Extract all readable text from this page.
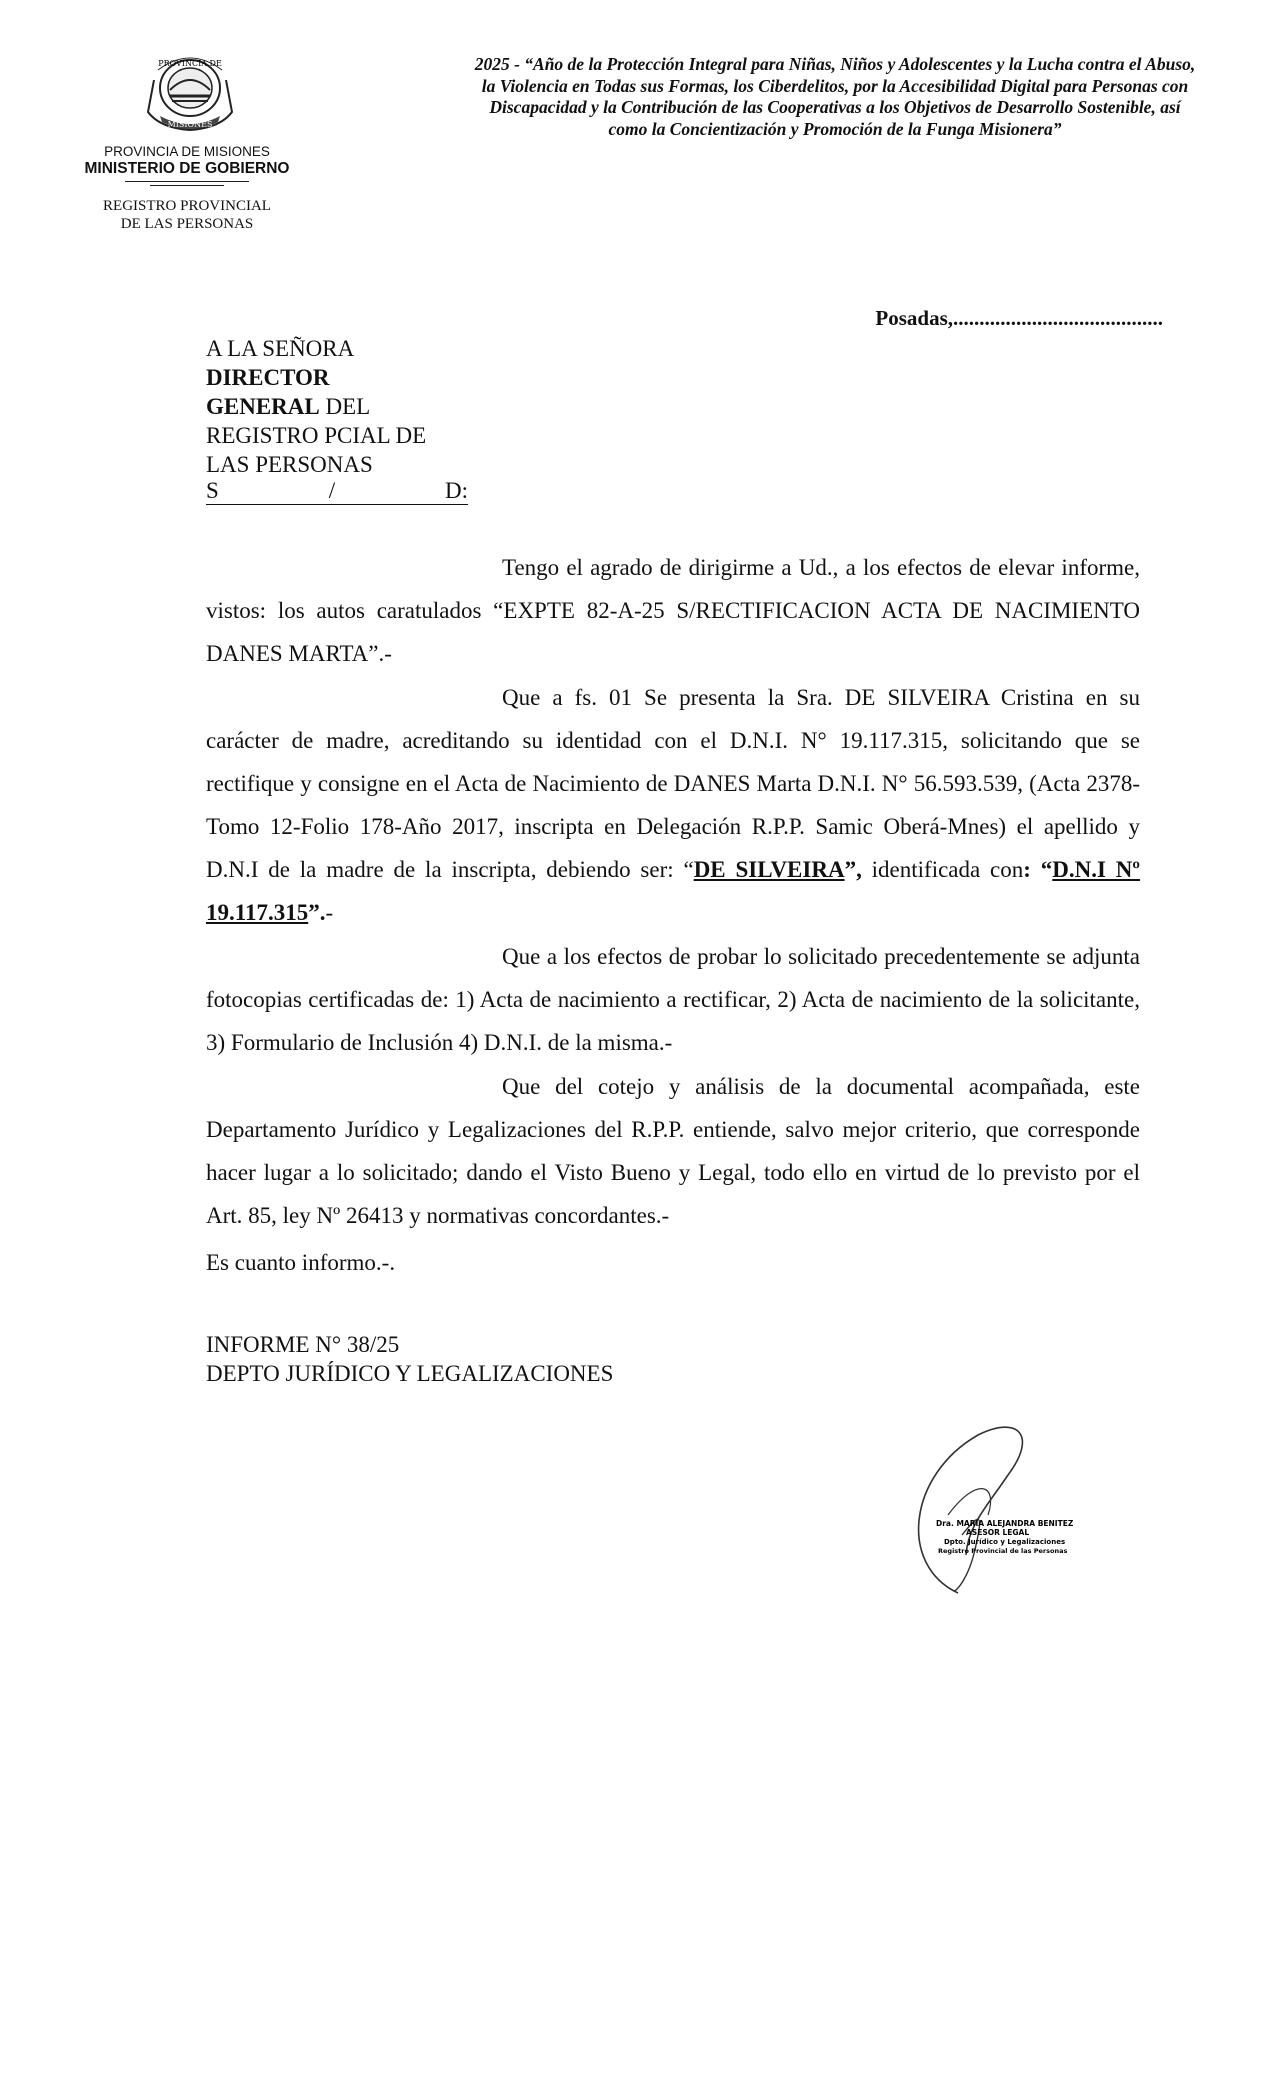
PROVINCIA DE
MISIONES
PROVINCIA DE MISIONES
MINISTERIO DE GOBIERNO
REGISTRO PROVINCIAL
DE LAS PERSONAS
2025 - “Año de la Protección Integral para Niñas, Niños y Adolescentes y la Lucha contra el Abuso, la Violencia en Todas sus Formas, los Ciberdelitos, por la Accesibilidad Digital para Personas con Discapacidad y la Contribución de las Cooperativas a los Objetivos de Desarrollo Sostenible, así como la Concientización y Promoción de la Funga Misionera”
Posadas,........................................
A LA SEÑORA
DIRECTOR
GENERAL DEL
REGISTRO PCIAL DE
LAS PERSONAS
S	/	D:
Tengo el agrado de dirigirme a Ud., a los efectos de elevar informe, vistos: los autos caratulados “EXPTE 82-A-25 S/RECTIFICACION ACTA DE NACIMIENTO DANES MARTA”.-
Que a fs. 01 Se presenta la Sra. DE SILVEIRA Cristina en su carácter de madre, acreditando su identidad con el D.N.I. N° 19.117.315, solicitando que se rectifique y consigne en el Acta de Nacimiento de DANES Marta D.N.I. N° 56.593.539, (Acta 2378-Tomo 12-Folio 178-Año 2017, inscripta en Delegación R.P.P. Samic Oberá-Mnes) el apellido y D.N.I de la madre de la inscripta, debiendo ser: “DE SILVEIRA”, identificada con: “D.N.I Nº 19.117.315”.-
Que a los efectos de probar lo solicitado precedentemente se adjunta fotocopias certificadas de: 1) Acta de nacimiento a rectificar, 2) Acta de nacimiento de la solicitante, 3) Formulario de Inclusión 4) D.N.I. de la misma.-
Que del cotejo y análisis de la documental acompañada, este Departamento Jurídico y Legalizaciones del R.P.P. entiende, salvo mejor criterio, que corresponde hacer lugar a lo solicitado; dando el Visto Bueno y Legal, todo ello en virtud de lo previsto por el Art. 85, ley Nº 26413 y normativas concordantes.-
Es cuanto informo.-.
INFORME N° 38/25
DEPTO JURÍDICO Y LEGALIZACIONES
Dra. MARIA ALEJANDRA BENITEZ
ASESOR LEGAL
Dpto. Jurídico y Legalizaciones
Registro Provincial de las Personas
